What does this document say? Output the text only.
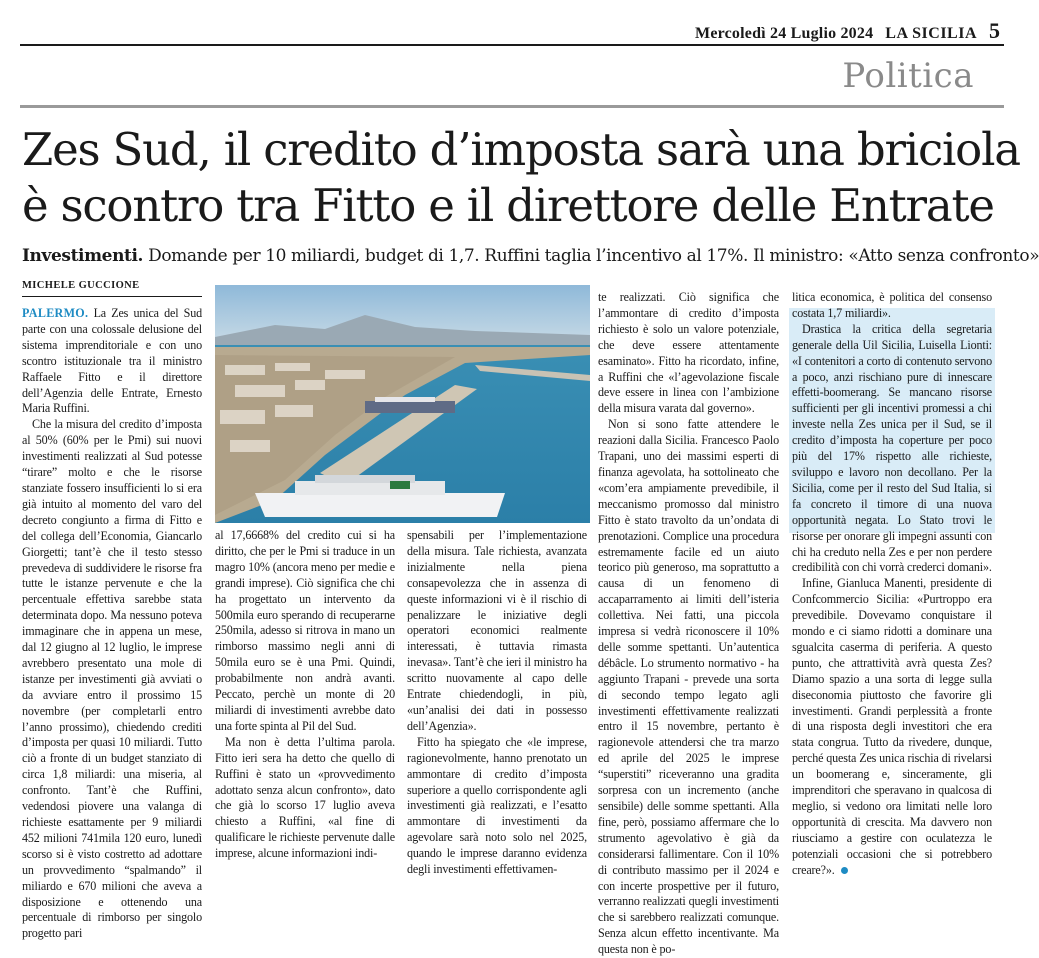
Mercoledì 24 Luglio 2024 LA SICILIA 5
Politica
Zes Sud, il credito d’imposta sarà una briciola
è scontro tra Fitto e il direttore delle Entrate
Investimenti. Domande per 10 miliardi, budget di 1,7. Ruffini taglia l’incentivo al 17%. Il ministro: «Atto senza confronto»
MICHELE GUCCIONE

PALERMO. La Zes unica del Sud parte con una colossale delusione del sistema imprenditoriale e con uno scontro istituzionale tra il ministro Raffaele Fitto e il direttore dell’Agenzia delle Entrate, Ernesto Maria Ruffini.

Che la misura del credito d’imposta al 50% (60% per le Pmi) sui nuovi investimenti realizzati al Sud potesse “tirare” molto e che le risorse stanziate fossero insufficienti lo si era già intuito al momento del varo del decreto congiunto a firma di Fitto e del collega dell’Economia, Giancarlo Giorgetti; tant’è che il testo stesso prevedeva di suddividere le risorse fra tutte le istanze pervenute e che la percentuale effettiva sarebbe stata determinata dopo. Ma nessuno poteva immaginare che in appena un mese, dal 12 giugno al 12 luglio, le imprese avrebbero presentato una mole di istanze per investimenti già avviati o da avviare entro il prossimo 15 novembre (per completarli entro l’anno prossimo), chiedendo crediti d’imposta per quasi 10 miliardi. Tutto ciò a fronte di un budget stanziato di circa 1,8 miliardi: una miseria, al confronto. Tant’è che Ruffini, vedendosi piovere una valanga di richieste esattamente per 9 miliardi 452 milioni 741mila 120 euro, lunedì scorso si è visto costretto ad adottare un provvedimento “spalmando” il miliardo e 670 milioni che aveva a disposizione e ottenendo una percentuale di rimborso per singolo progetto pari

al 17,6668% del credito cui si ha diritto, che per le Pmi si traduce in un magro 10% (ancora meno per medie e grandi imprese). Ciò significa che chi ha progettato un intervento da 500mila euro sperando di recuperarne 250mila, adesso si ritrova in mano un rimborso massimo negli anni di 50mila euro se è una Pmi. Quindi, probabilmente non andrà avanti. Peccato, perchè un monte di 20 miliardi di investimenti avrebbe dato una forte spinta al Pil del Sud.

Ma non è detta l’ultima parola. Fitto ieri sera ha detto che quello di Ruffini è stato un «provvedimento adottato senza alcun confronto», dato che già lo scorso 17 luglio aveva chiesto a Ruffini, «al fine di qualificare le richieste pervenute dalle imprese, alcune informazioni indi-

spensabili per l’implementazione della misura. Tale richiesta, avanzata inizialmente nella piena consapevolezza che in assenza di queste informazioni vi è il rischio di penalizzare le iniziative degli operatori economici realmente interessati, è tuttavia rimasta inevasa». Tant’è che ieri il ministro ha scritto nuovamente al capo delle Entrate chiedendogli, in più, «un’analisi dei dati in possesso dell’Agenzia».

Fitto ha spiegato che «le imprese, ragionevolmente, hanno prenotato un ammontare di credito d’imposta superiore a quello corrispondente agli investimenti già realizzati, e l’esatto ammontare di investimenti da agevolare sarà noto solo nel 2025, quando le imprese daranno evidenza degli investimenti effettivamen-

te realizzati. Ciò significa che l’ammontare di credito d’imposta richiesto è solo un valore potenziale, che deve essere attentamente esaminato». Fitto ha ricordato, infine, a Ruffini che «l’agevolazione fiscale deve essere in linea con l’ambizione della misura varata dal governo».

Non si sono fatte attendere le reazioni dalla Sicilia. Francesco Paolo Trapani, uno dei massimi esperti di finanza agevolata, ha sottolineato che «com’era ampiamente prevedibile, il meccanismo promosso dal ministro Fitto è stato travolto da un’ondata di prenotazioni. Complice una procedura estremamente facile ed un aiuto teorico più generoso, ma soprattutto a causa di un fenomeno di accaparramento ai limiti dell’isteria collettiva. Nei fatti, una piccola impresa si vedrà riconoscere il 10% delle somme spettanti. Un’autentica débâcle. Lo strumento normativo - ha aggiunto Trapani - prevede una sorta di secondo tempo legato agli investimenti effettivamente realizzati entro il 15 novembre, pertanto è ragionevole attendersi che tra marzo ed aprile del 2025 le imprese “superstiti” riceveranno una gradita sorpresa con un incremento (anche sensibile) delle somme spettanti. Alla fine, però, possiamo affermare che lo strumento agevolativo è già da considerarsi fallimentare. Con il 10% di contributo massimo per il 2024 e con incerte prospettive per il futuro, verranno realizzati quegli investimenti che si sarebbero realizzati comunque. Senza alcun effetto incentivante. Ma questa non è po-

litica economica, è politica del consenso costata 1,7 miliardi».

Drastica la critica della segretaria generale della Uil Sicilia, Luisella Lionti: «I contenitori a corto di contenuto servono a poco, anzi rischiano pure di innescare effetti-boomerang. Se mancano risorse sufficienti per gli incentivi promessi a chi investe nella Zes unica per il Sud, se il credito d’imposta ha coperture per poco più del 17% rispetto alle richieste, sviluppo e lavoro non decollano. Per la Sicilia, come per il resto del Sud Italia, si fa concreto il timore di una nuova opportunità negata. Lo Stato trovi le risorse per onorare gli impegni assunti con chi ha creduto nella Zes e per non perdere credibilità con chi vorrà crederci domani».

Infine, Gianluca Manenti, presidente di Confcommercio Sicilia: «Purtroppo era prevedibile. Dovevamo conquistare il mondo e ci siamo ridotti a dominare una sgualcita caserma di periferia. A questo punto, che attrattività avrà questa Zes? Diamo spazio a una sorta di legge sulla diseconomia piuttosto che favorire gli investimenti. Grandi perplessità a fronte di una risposta degli investitori che era stata congrua. Tutto da rivedere, dunque, perché questa Zes unica rischia di rivelarsi un boomerang e, sinceramente, gli imprenditori che speravano in qualcosa di meglio, si vedono ora limitati nelle loro opportunità di crescita. Ma davvero non riusciamo a gestire con oculatezza le potenziali occasioni che si potrebbero creare?».
